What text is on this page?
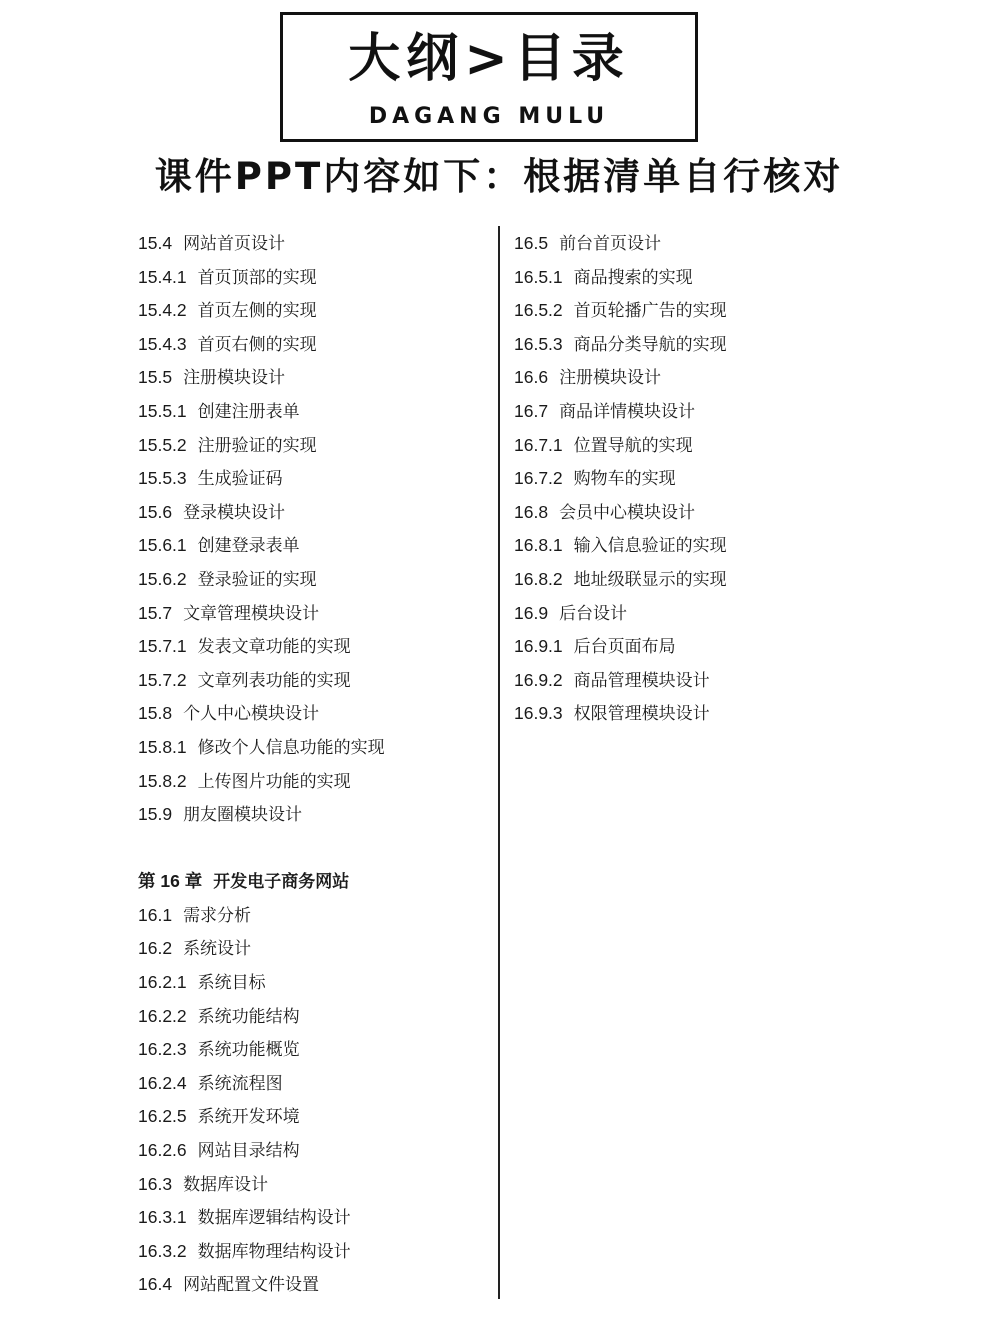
大纲>目录
DAGANG MULU
课件PPT内容如下：根据清单自行核对
15.4 网站首页设计
15.4.1 首页顶部的实现
15.4.2 首页左侧的实现
15.4.3 首页右侧的实现
15.5 注册模块设计
15.5.1 创建注册表单
15.5.2 注册验证的实现
15.5.3 生成验证码
15.6 登录模块设计
15.6.1 创建登录表单
15.6.2 登录验证的实现
15.7 文章管理模块设计
15.7.1 发表文章功能的实现
15.7.2 文章列表功能的实现
15.8 个人中心模块设计
15.8.1 修改个人信息功能的实现
15.8.2 上传图片功能的实现
15.9 朋友圈模块设计
第 16 章 开发电子商务网站
16.1 需求分析
16.2 系统设计
16.2.1 系统目标
16.2.2 系统功能结构
16.2.3 系统功能概览
16.2.4 系统流程图
16.2.5 系统开发环境
16.2.6 网站目录结构
16.3 数据库设计
16.3.1 数据库逻辑结构设计
16.3.2 数据库物理结构设计
16.4 网站配置文件设置
16.5 前台首页设计
16.5.1 商品搜索的实现
16.5.2 首页轮播广告的实现
16.5.3 商品分类导航的实现
16.6 注册模块设计
16.7 商品详情模块设计
16.7.1 位置导航的实现
16.7.2 购物车的实现
16.8 会员中心模块设计
16.8.1 输入信息验证的实现
16.8.2 地址级联显示的实现
16.9 后台设计
16.9.1 后台页面布局
16.9.2 商品管理模块设计
16.9.3 权限管理模块设计
